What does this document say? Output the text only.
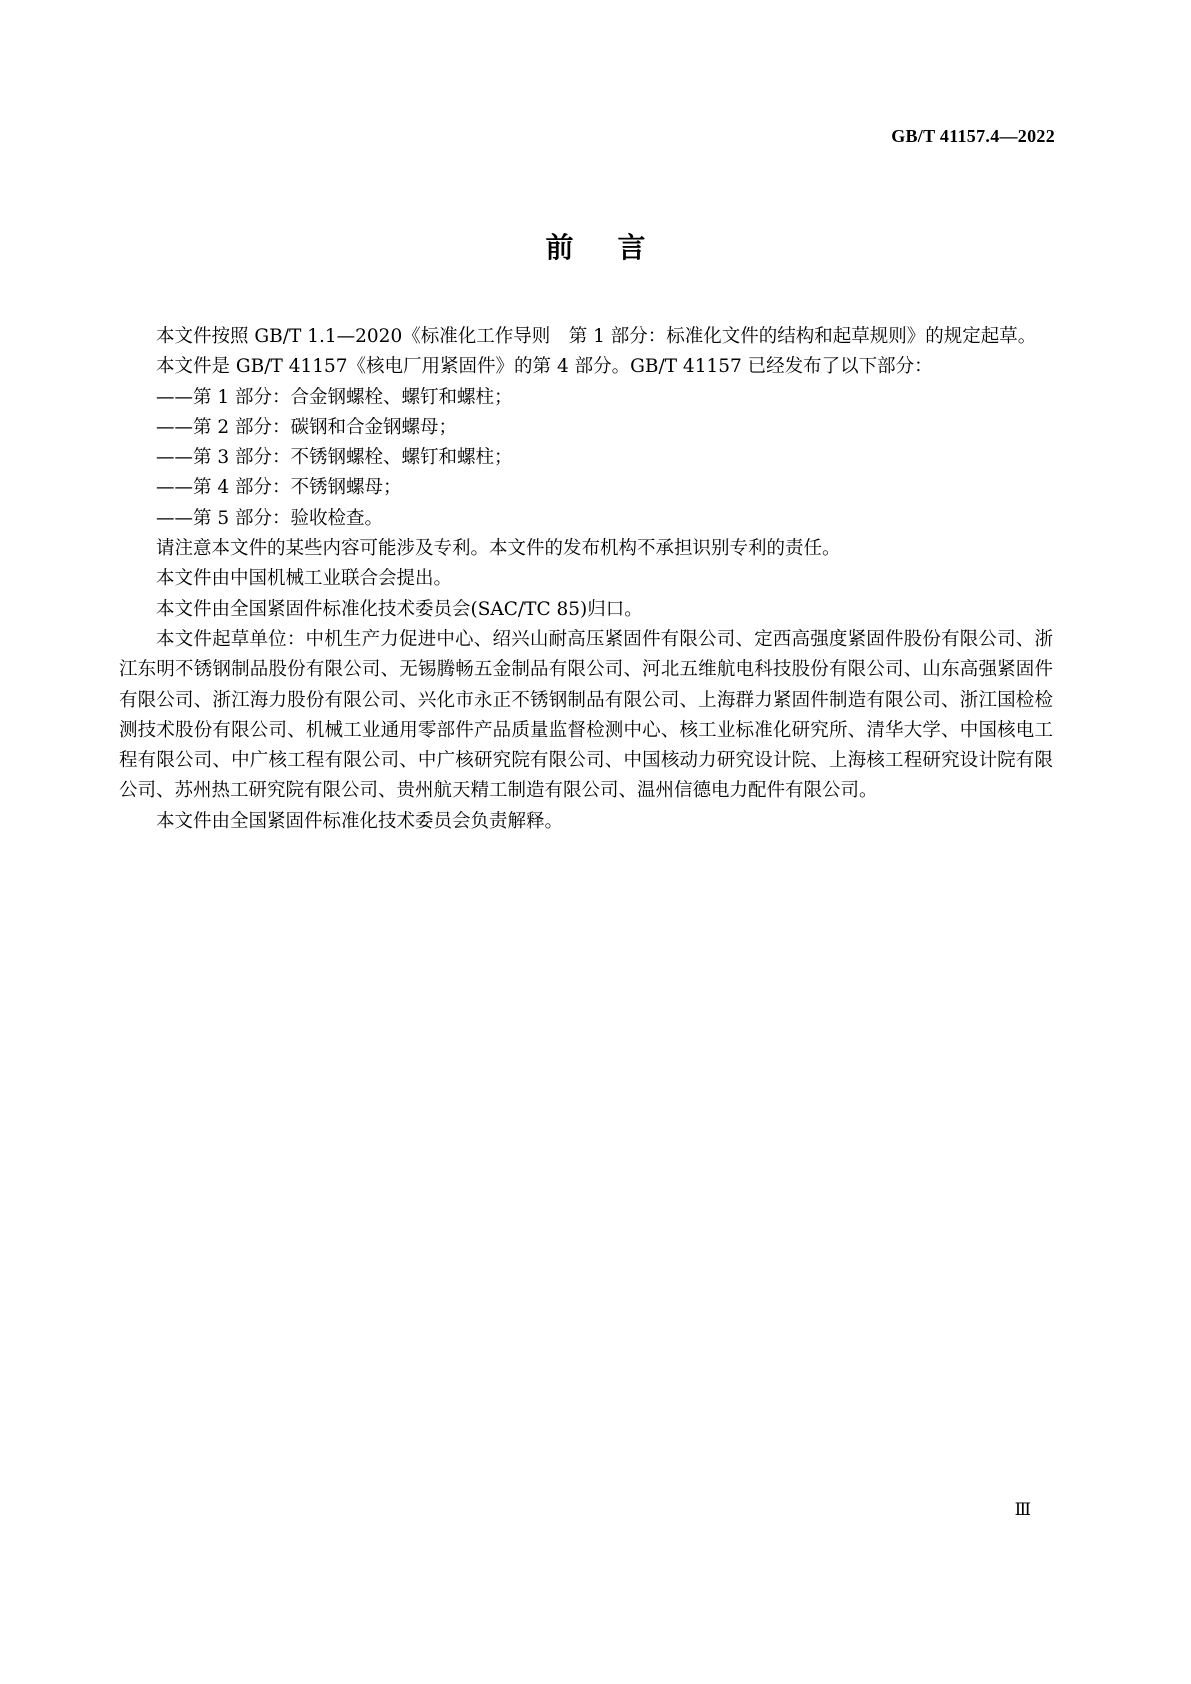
GB/T 41157.4—2022
前言

本文件按照 GB/T 1.1—2020《标准化工作导则　第 1 部分：标准化文件的结构和起草规则》的规定起草。

本文件是 GB/T 41157《核电厂用紧固件》的第 4 部分。GB/T 41157 已经发布了以下部分：

——第 1 部分：合金钢螺栓、螺钉和螺柱；

——第 2 部分：碳钢和合金钢螺母；

——第 3 部分：不锈钢螺栓、螺钉和螺柱；

——第 4 部分：不锈钢螺母；

——第 5 部分：验收检查。

请注意本文件的某些内容可能涉及专利。本文件的发布机构不承担识别专利的责任。

本文件由中国机械工业联合会提出。

本文件由全国紧固件标准化技术委员会(SAC/TC 85)归口。

本文件起草单位：中机生产力促进中心、绍兴山耐高压紧固件有限公司、定西高强度紧固件股份有限公司、浙江东明不锈钢制品股份有限公司、无锡腾畅五金制品有限公司、河北五维航电科技股份有限公司、山东高强紧固件有限公司、浙江海力股份有限公司、兴化市永正不锈钢制品有限公司、上海群力紧固件制造有限公司、浙江国检检测技术股份有限公司、机械工业通用零部件产品质量监督检测中心、核工业标准化研究所、清华大学、中国核电工程有限公司、中广核工程有限公司、中广核研究院有限公司、中国核动力研究设计院、上海核工程研究设计院有限公司、苏州热工研究院有限公司、贵州航天精工制造有限公司、温州信德电力配件有限公司。

本文件由全国紧固件标准化技术委员会负责解释。

Ⅲ
